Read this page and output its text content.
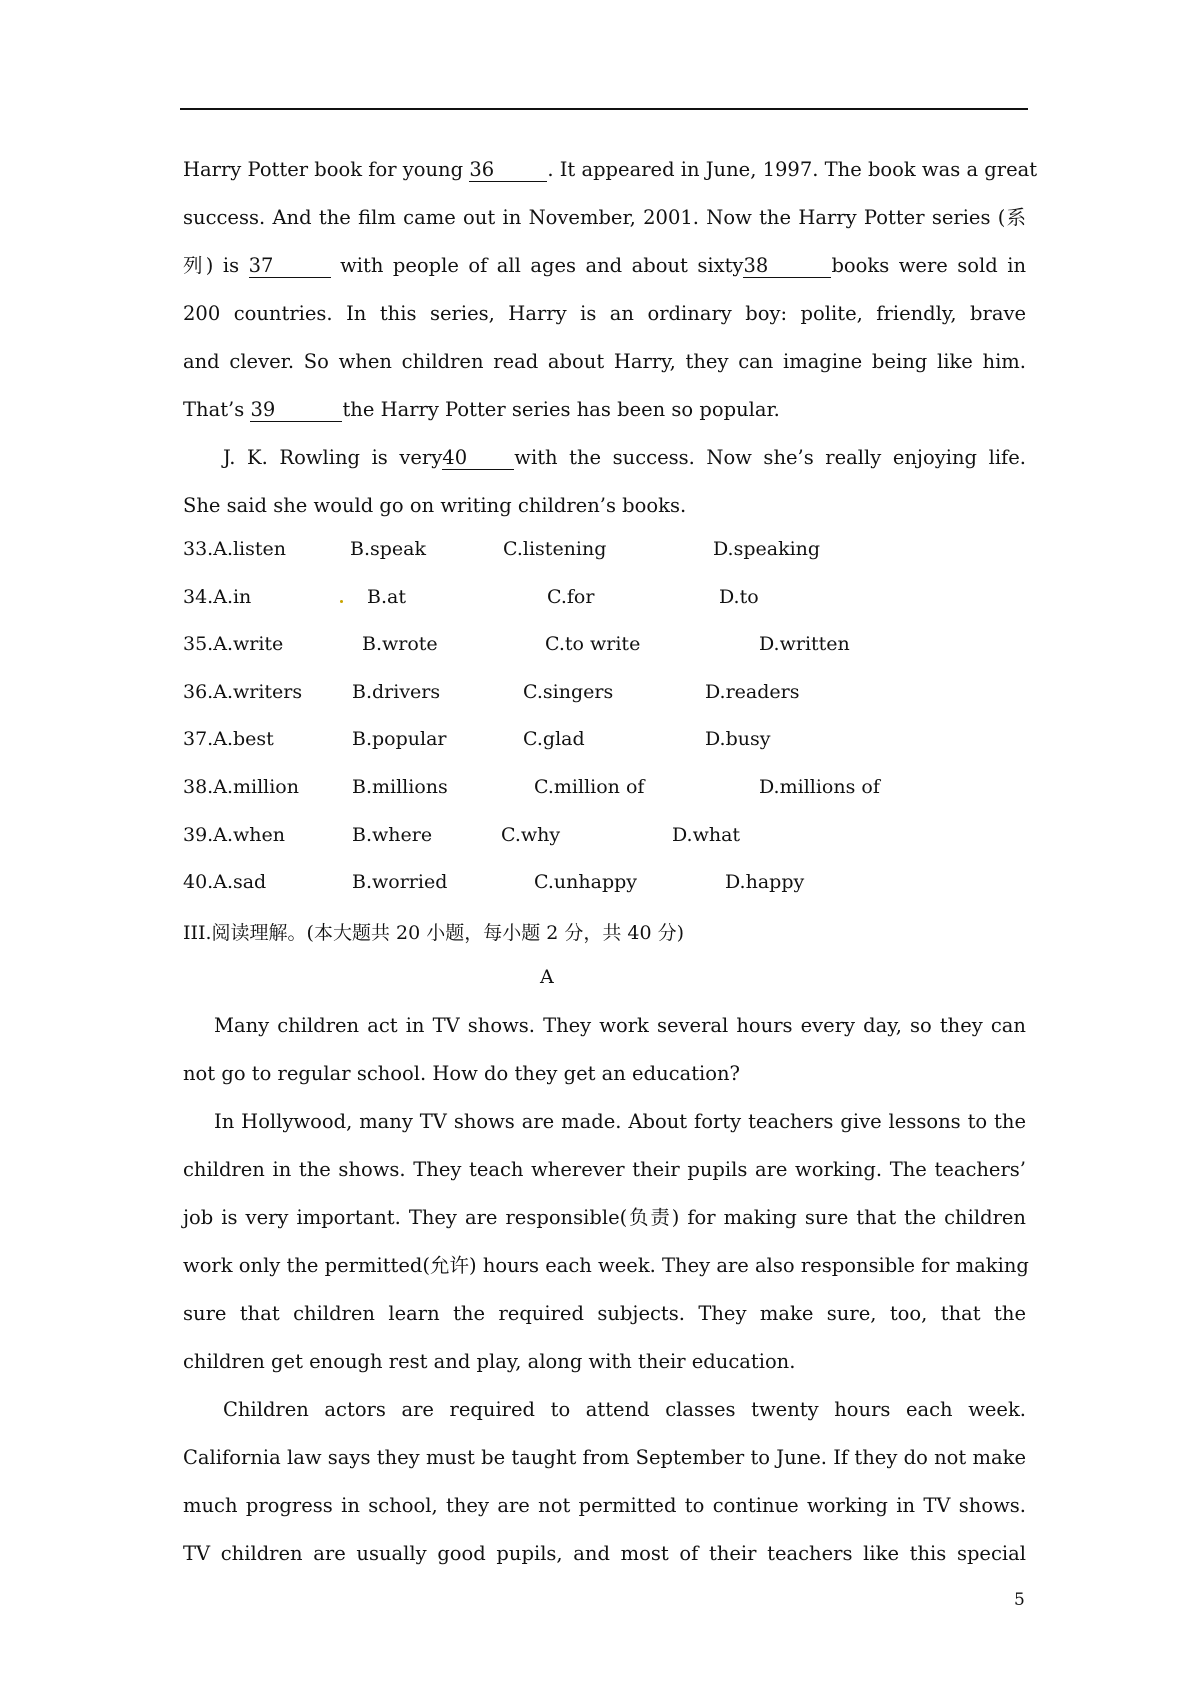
Harry Potter book for young 36	. It appeared in June, 1997. The book was a great
success. And the film came out in November, 2001. Now the Harry Potter series (系
列) is 37	with people of all ages and about sixty38	books were sold in
200 countries. In this series, Harry is an ordinary boy: polite, friendly, brave
and clever. So when children read about Harry, they can imagine being like him.
That’s 39	the Harry Potter series has been so popular.
J. K. Rowling is very40 with the success. Now she’s really enjoying life.
She said she would go on writing children’s books.
33.A.listen	B.speak	C.listening	D.speaking
34.A.in	B.at	C.for	D.to
35.A.write	B.wrote	C.to write	D.written
36.A.writers	B.drivers	C.singers	D.readers
37.A.best	B.popular	C.glad	D.busy
38.A.million	B.millions	C.million of	D.millions of
39.A.when	B.where	C.why	D.what
40.A.sad	B.worried	C.unhappy	D.happy
III.阅读理解。(本大题共 20 小题，每小题 2 分，共 40 分)
A
Many children act in TV shows. They work several hours every day, so they can
not go to regular school. How do they get an education?
In Hollywood, many TV shows are made. About forty teachers give lessons to the
children in the shows. They teach wherever their pupils are working. The teachers’
job is very important. They are responsible(负责) for making sure that the children
work only the permitted(允许) hours each week. They are also responsible for making
sure that children learn the required subjects. They make sure, too, that the
children get enough rest and play, along with their education.
Children actors are required to attend classes twenty hours each week.
California law says they must be taught from September to June. If they do not make
much progress in school, they are not permitted to continue working in TV shows.
TV children are usually good pupils, and most of their teachers like this special
5
